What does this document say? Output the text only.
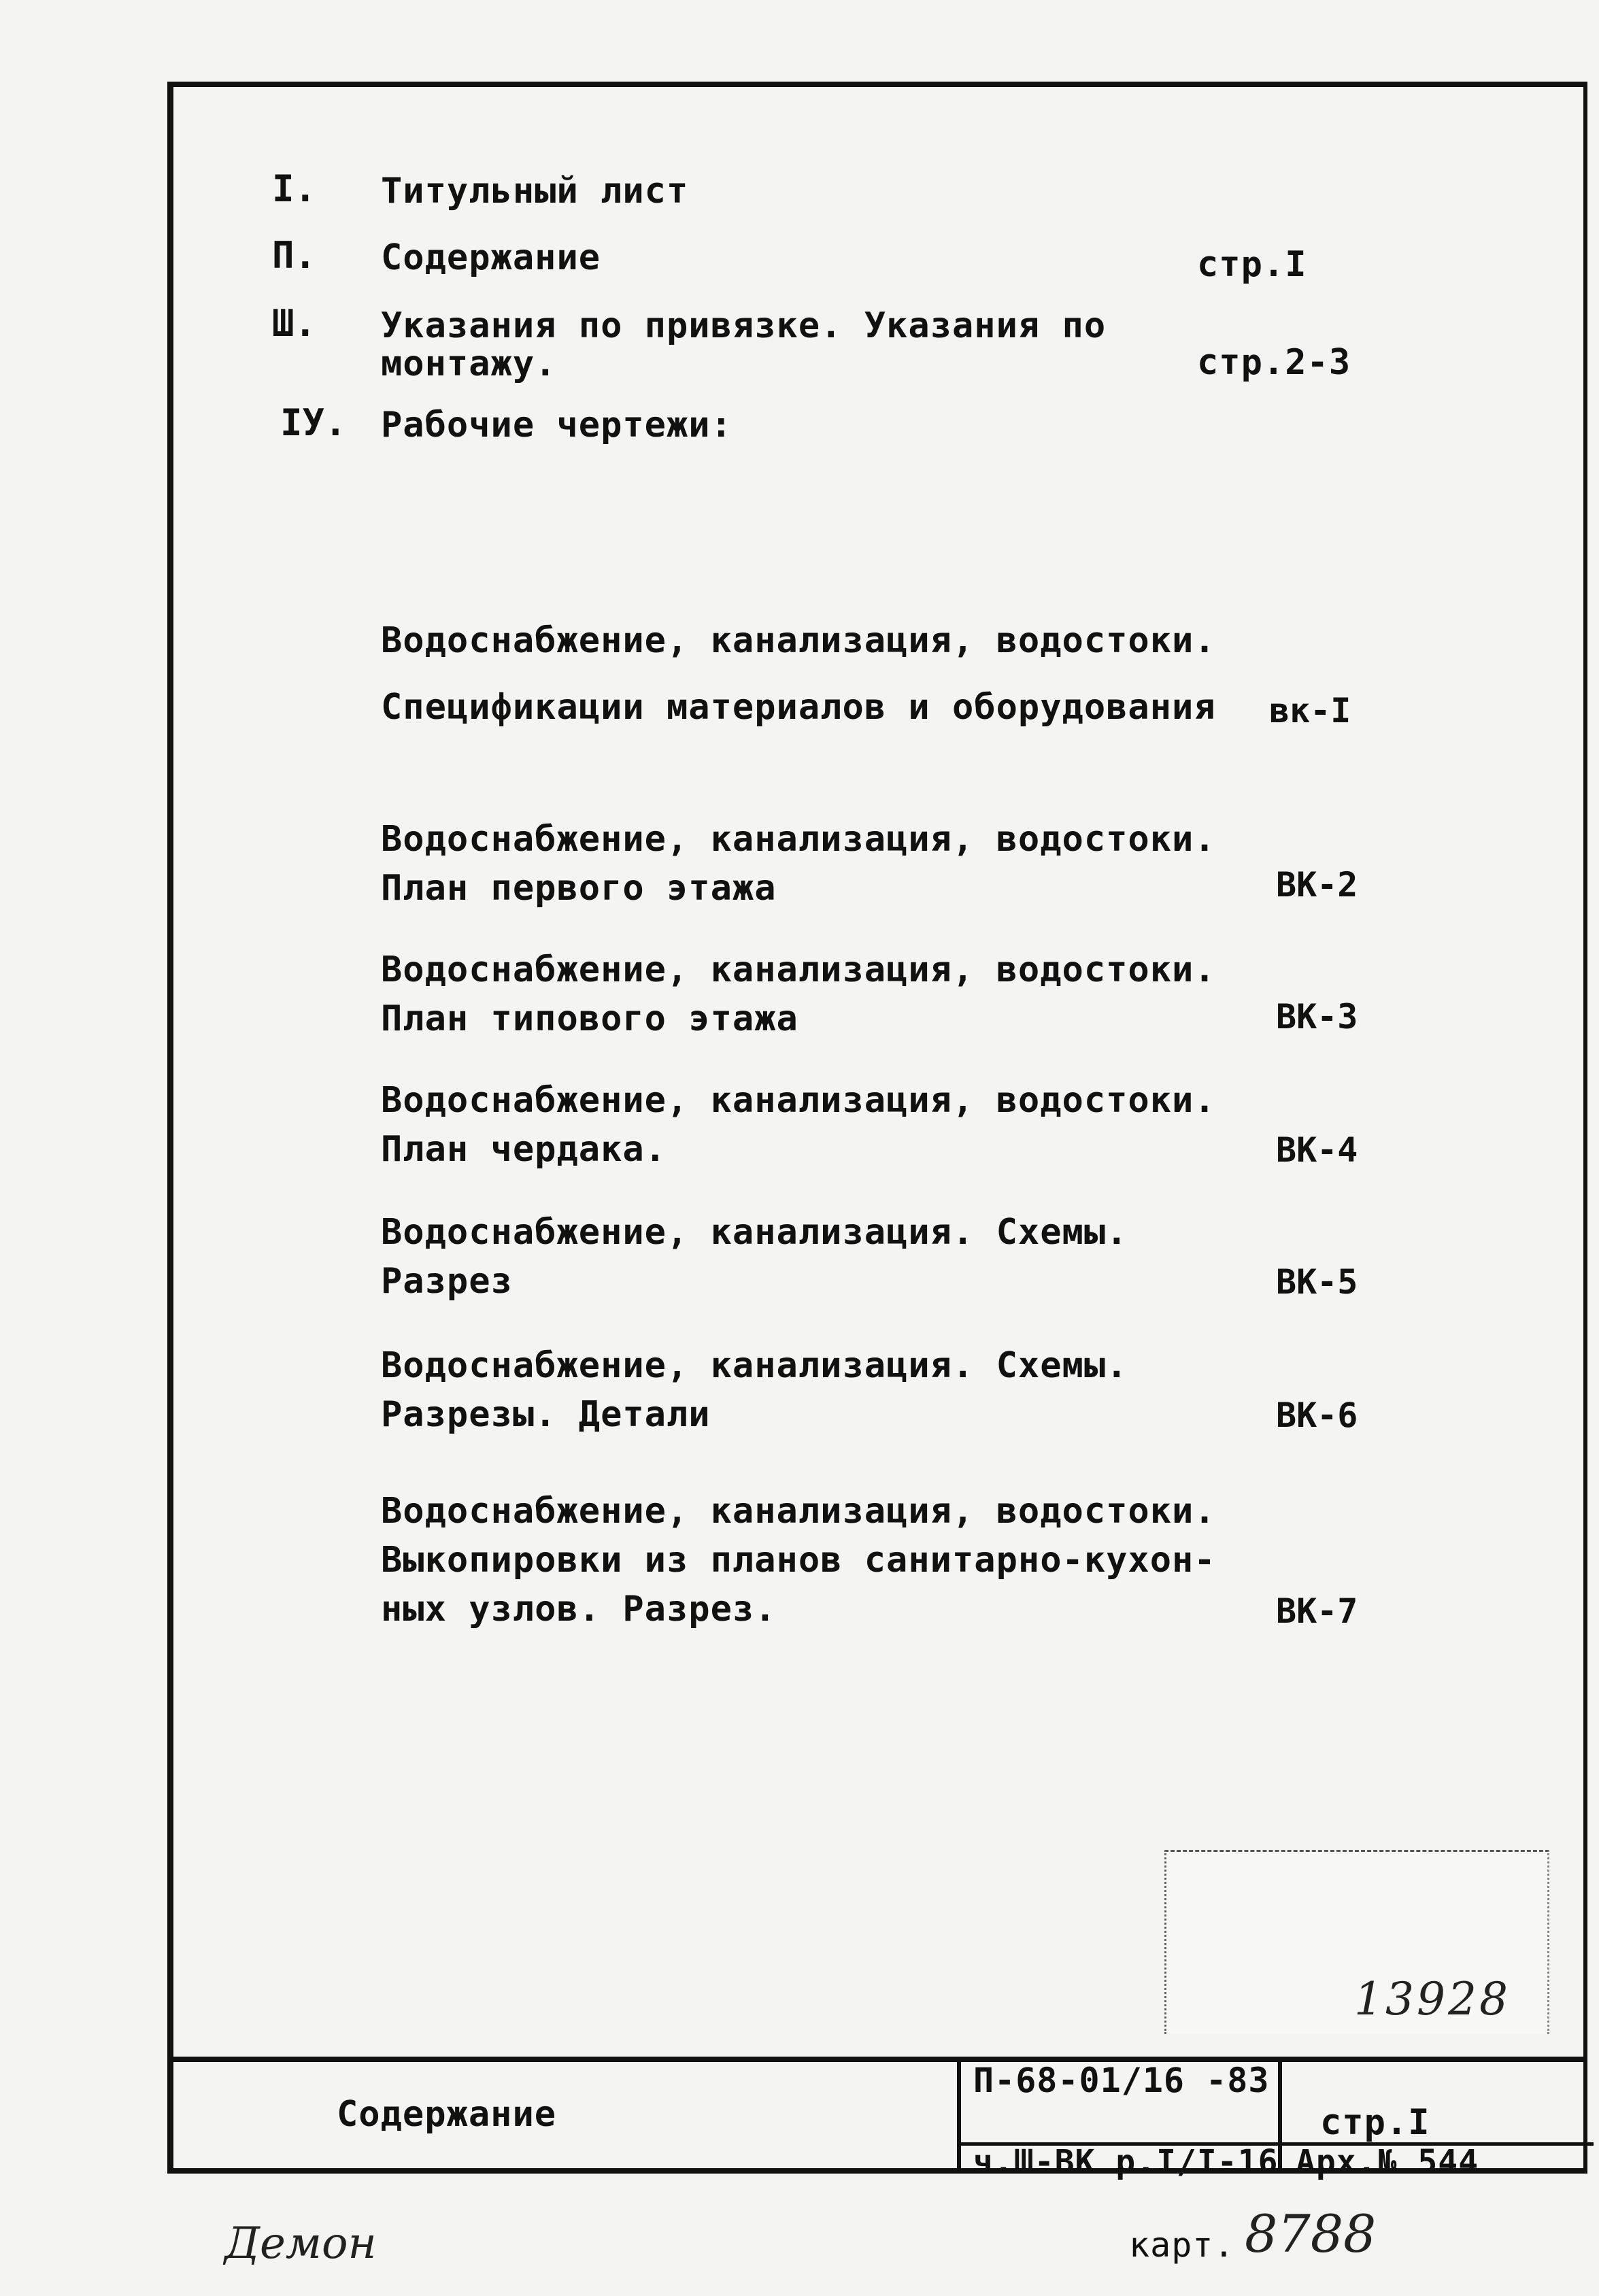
I. Титульный лист
П. Содержание	стр.I
Ш. Указания по привязке. Указания по
монтажу.	стр.2-3
IУ. Рабочие чертежи:
Водоснабжение, канализация, водостоки.
Спецификации материалов и оборудования вк-I
Водоснабжение, канализация, водостоки.
План первого этажа	ВК-2
Водоснабжение, канализация, водостоки.
План типового этажа	ВК-3
Водоснабжение, канализация, водостоки.
План чердака.	ВК-4
Водоснабжение, канализация. Схемы.
Разрез	ВК-5
Водоснабжение, канализация. Схемы.
Разрезы. Детали	ВК-6
Водоснабжение, канализация, водостоки.
Выкопировки из планов санитарно-кухон-
ных узлов. Разрез.	ВК-7
13928
Содержание
П-68-01/16 -83
стр.I
ч.Ш-ВК р.I/I-16 Арх.№ 544
карт. 8788
Демон
